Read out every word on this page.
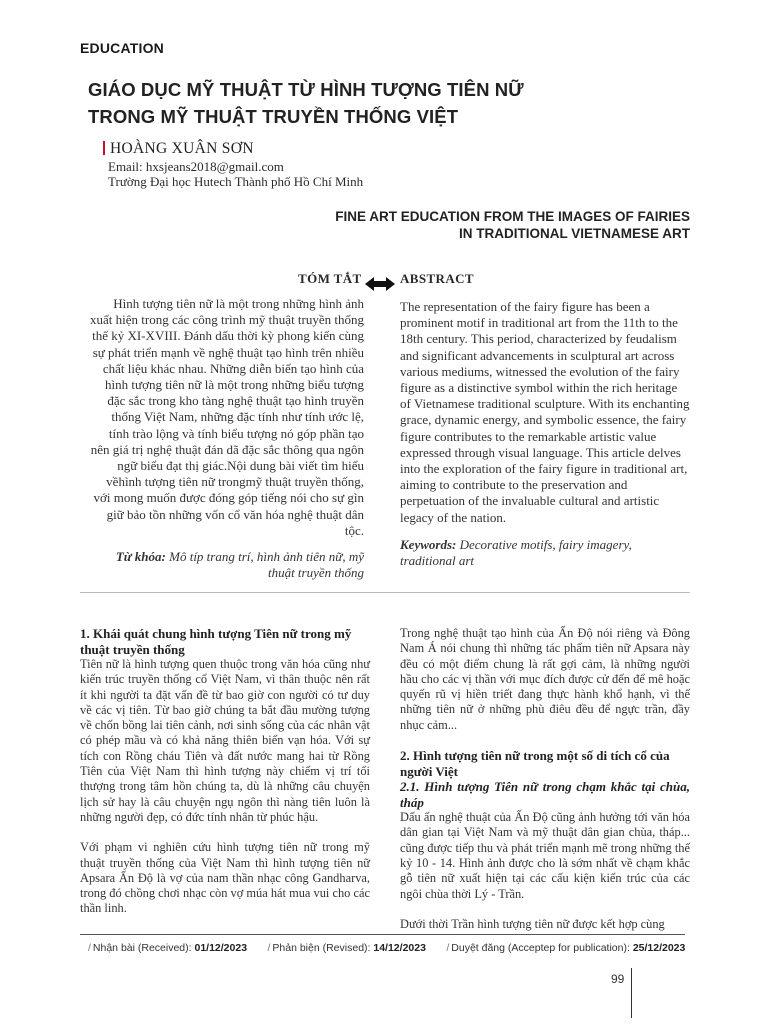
EDUCATION
GIÁO DỤC MỸ THUẬT TỪ HÌNH TƯỢNG TIÊN NỮ
TRONG MỸ THUẬT TRUYỀN THỐNG VIỆT
HOÀNG XUÂN SƠN
Email: hxsjeans2018@gmail.com
Trường Đại học Hutech Thành phố Hồ Chí Minh
FINE ART EDUCATION FROM THE IMAGES OF FAIRIES
IN TRADITIONAL VIETNAMESE ART
TÓM TẮT	ABSTRACT
Hình tượng tiên nữ là một trong những hình ảnh xuất hiện trong các công trình mỹ thuật truyền thống thế kỷ XI-XVIII. Đánh dấu thời kỳ phong kiến cùng sự phát triển mạnh về nghệ thuật tạo hình trên nhiều chất liệu khác nhau. Những diễn biến tạo hình của hình tượng tiên nữ là một trong những biểu tượng đặc sắc trong kho tàng nghệ thuật tạo hình truyền thống Việt Nam, những đặc tính như tính ước lệ, tính trào lộng và tính biểu tượng nó góp phần tạo nên giá trị nghệ thuật đán dã đặc sắc thông qua ngôn ngữ biểu đạt thị giác.Nội dung bài viết tìm hiểu vềhình tượng tiên nữ trongmỹ thuật truyền thống, với mong muốn được đóng góp tiếng nói cho sự gìn giữ bảo tồn những vốn cổ văn hóa nghệ thuật dân tộc.
Từ khóa: Mô típ trang trí, hình ảnh tiên nữ, mỹ thuật truyền thống
The representation of the fairy figure has been a prominent motif in traditional art from the 11th to the 18th century. This period, characterized by feudalism and significant advancements in sculptural art across various mediums, witnessed the evolution of the fairy figure as a distinctive symbol within the rich heritage of Vietnamese traditional sculpture. With its enchanting grace, dynamic energy, and symbolic essence, the fairy figure contributes to the remarkable artistic value expressed through visual language. This article delves into the exploration of the fairy figure in traditional art, aiming to contribute to the preservation and perpetuation of the invaluable cultural and artistic legacy of the nation.
Keywords: Decorative motifs, fairy imagery, traditional art
1. Khái quát chung hình tượng Tiên nữ trong mỹ thuật truyền thống
Tiên nữ là hình tượng quen thuộc trong văn hóa cũng như kiến trúc truyền thống cổ Việt Nam, vì thân thuộc nên rất ít khi người ta đặt vấn đề từ bao giờ con người có tư duy về các vị tiên. Từ bao giờ chúng ta bắt đầu mường tượng về chốn bồng lai tiên cảnh, nơi sinh sống của các nhân vật có phép mầu và có khả năng thiên biến vạn hóa. Với sự tích con Rồng cháu Tiên và đất nước mang hai từ Rồng Tiên của Việt Nam thì hình tượng này chiếm vị trí tối thượng trong tâm hồn chúng ta, dù là những câu chuyện lịch sử hay là câu chuyện ngụ ngôn thì nàng tiên luôn là những người đẹp, có đức tính nhân từ phúc hậu.
Với phạm vi nghiên cứu hình tượng tiên nữ trong mỹ thuật truyền thống của Việt Nam thì hình tượng tiên nữ Apsara Ấn Độ là vợ của nam thần nhạc công Gandharva, trong đó chồng chơi nhạc còn vợ múa hát mua vui cho các thần linh.
Trong nghệ thuật tạo hình của Ấn Độ nói riêng và Đông Nam Á nói chung thì những tác phẩm tiên nữ Apsara này đều có một điểm chung là rất gợi cảm, là những người hầu cho các vị thần với mục đích được cử đến để mê hoặc quyến rũ vị hiền triết đang thực hành khổ hạnh, vì thế những tiên nữ ở những phù điêu đều để ngực trần, đầy nhục cảm...
2. Hình tượng tiên nữ trong một số di tích cổ của người Việt
2.1. Hình tượng Tiên nữ trong chạm khắc tại chùa, tháp
Dấu ấn nghệ thuật của Ấn Độ cũng ảnh hưởng tới văn hóa dân gian tại Việt Nam và mỹ thuật dân gian chùa, tháp... cũng được tiếp thu và phát triển mạnh mẽ trong những thế kỷ 10 - 14. Hình ảnh được cho là sớm nhất về chạm khắc gỗ tiên nữ xuất hiện tại các cấu kiện kiến trúc của các ngôi chùa thời Lý - Trần.
Dưới thời Trần hình tượng tiên nữ được kết hợp cùng
/ Nhận bài (Received): 01/12/2023 / Phản biện (Revised): 14/12/2023 / Duyệt đăng (Acceptep for publication): 25/12/2023
99
